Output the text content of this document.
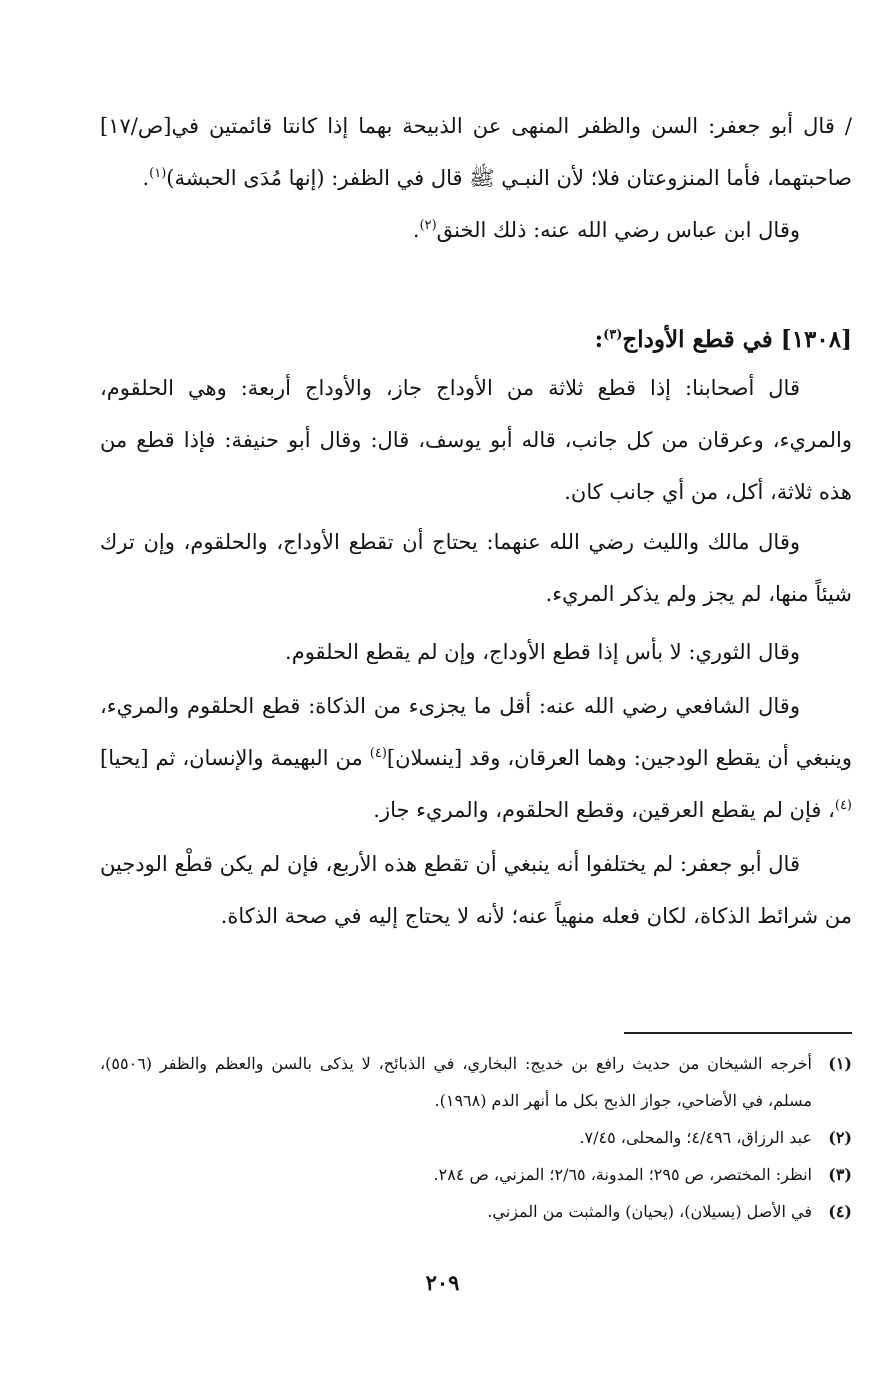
/ قال أبو جعفر: السن والظفر المنهى عن الذبيحة بهما إذا كانتا قائمتين في[ص/١٧] صاحبتهما، فأما المنزوعتان فلا؛ لأن النبـي ﷺ قال في الظفر: (إنها مُدَى الحبشة)$^{(١)}$.

وقال ابن عباس رضي الله عنه: ذلك الخنق$^{(٢)}$.

[١٣٠٨] في قطع الأوداج$^{(٣)}$:

قال أصحابنا: إذا قطع ثلاثة من الأوداج جاز، والأوداج أربعة: وهي الحلقوم، والمريء، وعرقان من كل جانب، قاله أبو يوسف، قال: وقال أبو حنيفة: فإذا قطع من هذه ثلاثة، أكل، من أي جانب كان.

وقال مالك والليث رضي الله عنهما: يحتاج أن تقطع الأوداج، والحلقوم، وإن ترك شيئاً منها، لم يجز ولم يذكر المريء.

وقال الثوري: لا بأس إذا قطع الأوداج، وإن لم يقطع الحلقوم.

وقال الشافعي رضي الله عنه: أقل ما يجزىء من الذكاة: قطع الحلقوم والمريء، وينبغي أن يقطع الودجين: وهما العرقان، وقد [ينسلان]$^{(٤)}$ من البهيمة والإنسان، ثم [يحيا]$^{(٤)}$، فإن لم يقطع العرقين، وقطع الحلقوم، والمريء جاز.

قال أبو جعفر: لم يختلفوا أنه ينبغي أن تقطع هذه الأربع، فإن لم يكن قطْع الودجين من شرائط الذكاة، لكان فعله منهياً عنه؛ لأنه لا يحتاج إليه في صحة الذكاة.

(١)
أخرجه الشيخان من حديث رافع بن خديج: البخاري، في الذبائح، لا يذكى بالسن والعظم والظفر (٥٥٠٦)، مسلم، في الأضاحي، جواز الذبح بكل ما أنهر الدم (١٩٦٨).
(٢)
عبد الرزاق، ٤/٤٩٦؛ والمحلى، ٧/٤٥.
(٣)
انظر: المختصر، ص ٢٩٥؛ المدونة، ٢/٦٥؛ المزني، ص ٢٨٤.
(٤)
في الأصل (يسيلان)، (يحيان) والمثبت من المزني.
٢٠٩
